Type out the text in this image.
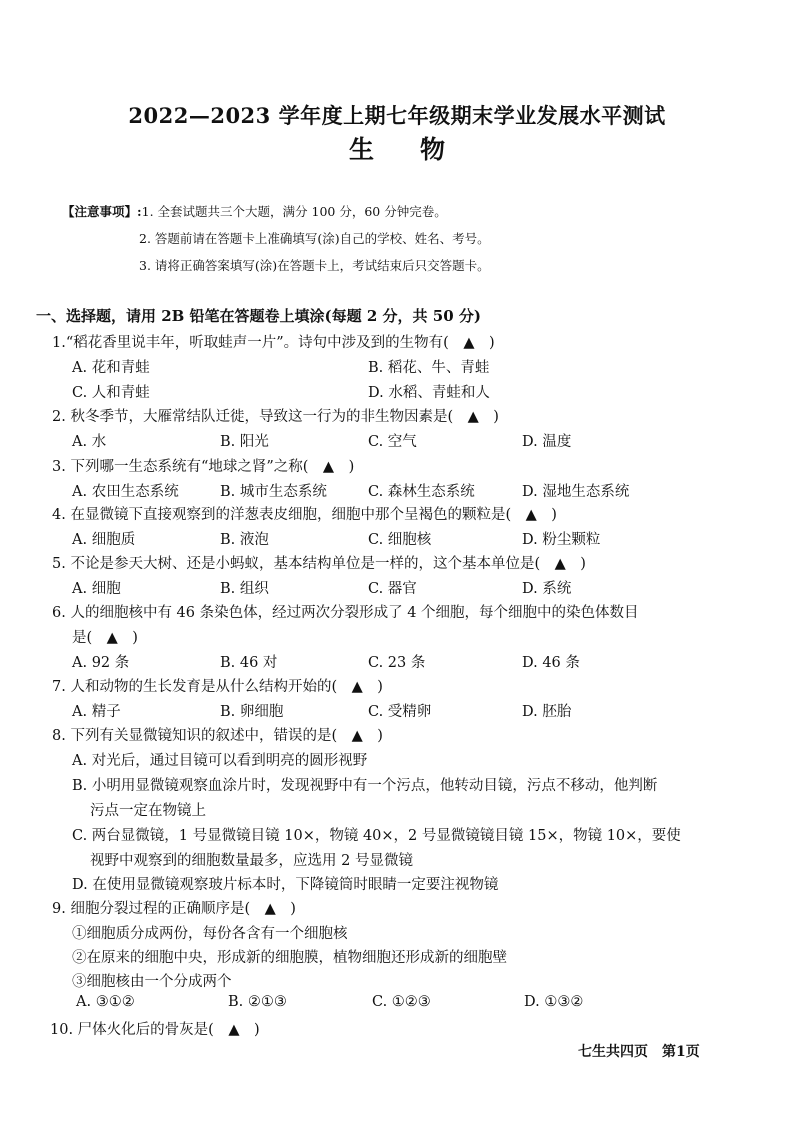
2022—2023 学年度上期七年级期末学业发展水平测试
生物
【注意事项】:1. 全套试题共三个大题，满分 100 分，60 分钟完卷。
2. 答题前请在答题卡上准确填写(涂)自己的学校、姓名、考号。
3. 请将正确答案填写(涂)在答题卡上，考试结束后只交答题卡。
一、选择题，请用 2B 铅笔在答题卷上填涂(每题 2 分，共 50 分)
1.“稻花香里说丰年，听取蛙声一片”。诗句中涉及到的生物有(　▲　)
A. 花和青蛙	B. 稻花、牛、青蛙
C. 人和青蛙	D. 水稻、青蛙和人
2. 秋冬季节，大雁常结队迁徙，导致这一行为的非生物因素是(　▲　)
A. 水	B. 阳光	C. 空气	D. 温度
3. 下列哪一生态系统有“地球之肾”之称(　▲　)
A. 农田生态系统	B. 城市生态系统	C. 森林生态系统	D. 湿地生态系统
4. 在显微镜下直接观察到的洋葱表皮细胞，细胞中那个呈褐色的颗粒是(　▲　)
A. 细胞质	B. 液泡	C. 细胞核	D. 粉尘颗粒
5. 不论是参天大树、还是小蚂蚁，基本结构单位是一样的，这个基本单位是(　▲　)
A. 细胞	B. 组织	C. 器官	D. 系统
6. 人的细胞核中有 46 条染色体，经过两次分裂形成了 4 个细胞，每个细胞中的染色体数目
是(　▲　)
A. 92 条	B. 46 对	C. 23 条	D. 46 条
7. 人和动物的生长发育是从什么结构开始的(　▲　)
A. 精子	B. 卵细胞	C. 受精卵	D. 胚胎
8. 下列有关显微镜知识的叙述中，错误的是(　▲　)
A. 对光后，通过目镜可以看到明亮的圆形视野
B. 小明用显微镜观察血涂片时，发现视野中有一个污点，他转动目镜，污点不移动，他判断
污点一定在物镜上
C. 两台显微镜，1 号显微镜目镜 10×，物镜 40×，2 号显微镜镜目镜 15×，物镜 10×，要使
视野中观察到的细胞数量最多，应选用 2 号显微镜
D. 在使用显微镜观察玻片标本时，下降镜筒时眼睛一定要注视物镜
9. 细胞分裂过程的正确顺序是(　▲　)
①细胞质分成两份，每份各含有一个细胞核
②在原来的细胞中央，形成新的细胞膜，植物细胞还形成新的细胞壁
③细胞核由一个分成两个
A. ③①②	B. ②①③	C. ①②③	D. ①③②
10. 尸体火化后的骨灰是(　▲　)
七生共四页 第1页
